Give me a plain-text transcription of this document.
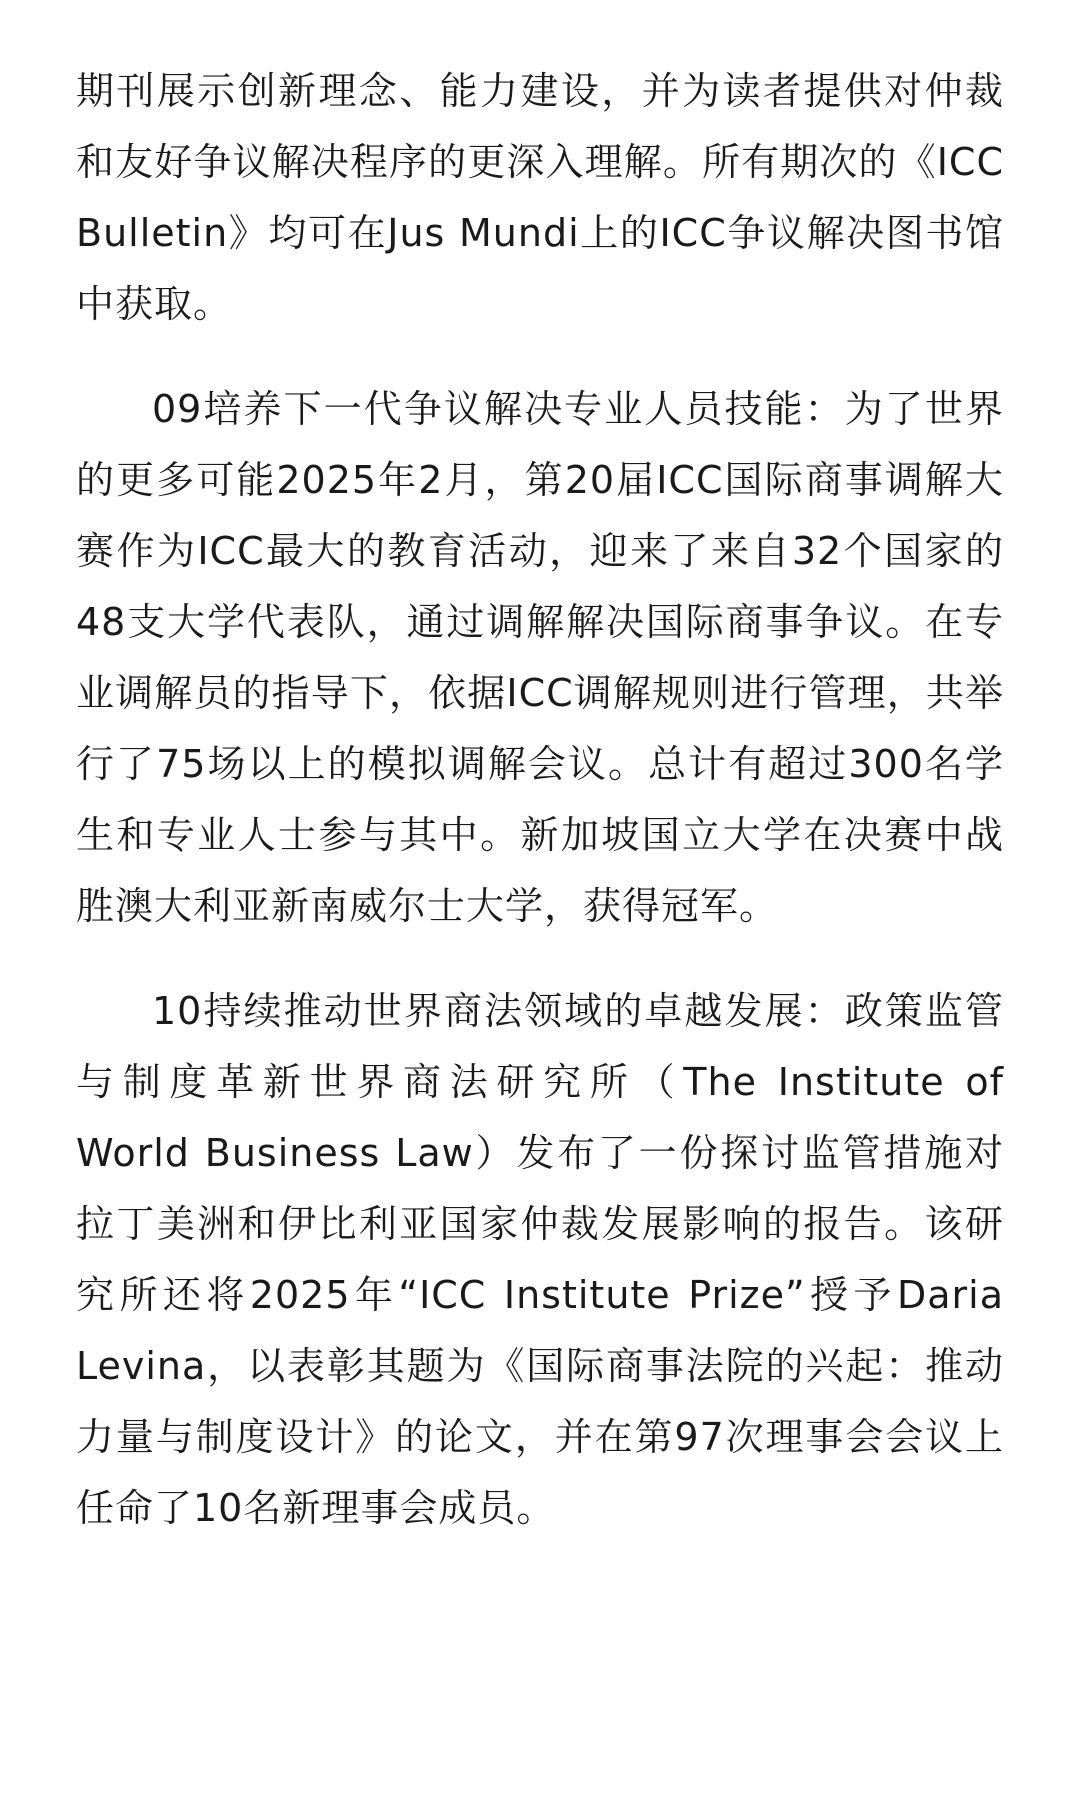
期刊展示创新理念、能力建设，并为读者提供对仲裁和友好争议解决程序的更深入理解。所有期次的《ICC Bulletin》均可在Jus Mundi上的ICC争议解决图书馆中获取。

09培养下一代争议解决专业人员技能：为了世界的更多可能2025年2月，第20届ICC国际商事调解大赛作为ICC最大的教育活动，迎来了来自32个国家的48支大学代表队，通过调解解决国际商事争议。在专业调解员的指导下，依据ICC调解规则进行管理，共举行了75场以上的模拟调解会议。总计有超过300名学生和专业人士参与其中。新加坡国立大学在决赛中战胜澳大利亚新南威尔士大学，获得冠军。

10持续推动世界商法领域的卓越发展：政策监管与制度革新世界商法研究所（The Institute of World Business Law）发布了一份探讨监管措施对拉丁美洲和伊比利亚国家仲裁发展影响的报告。该研究所还将2025年“ICC Institute Prize”授予Daria Levina，以表彰其题为《国际商事法院的兴起：推动力量与制度设计》的论文，并在第97次理事会会议上任命了10名新理事会成员。
